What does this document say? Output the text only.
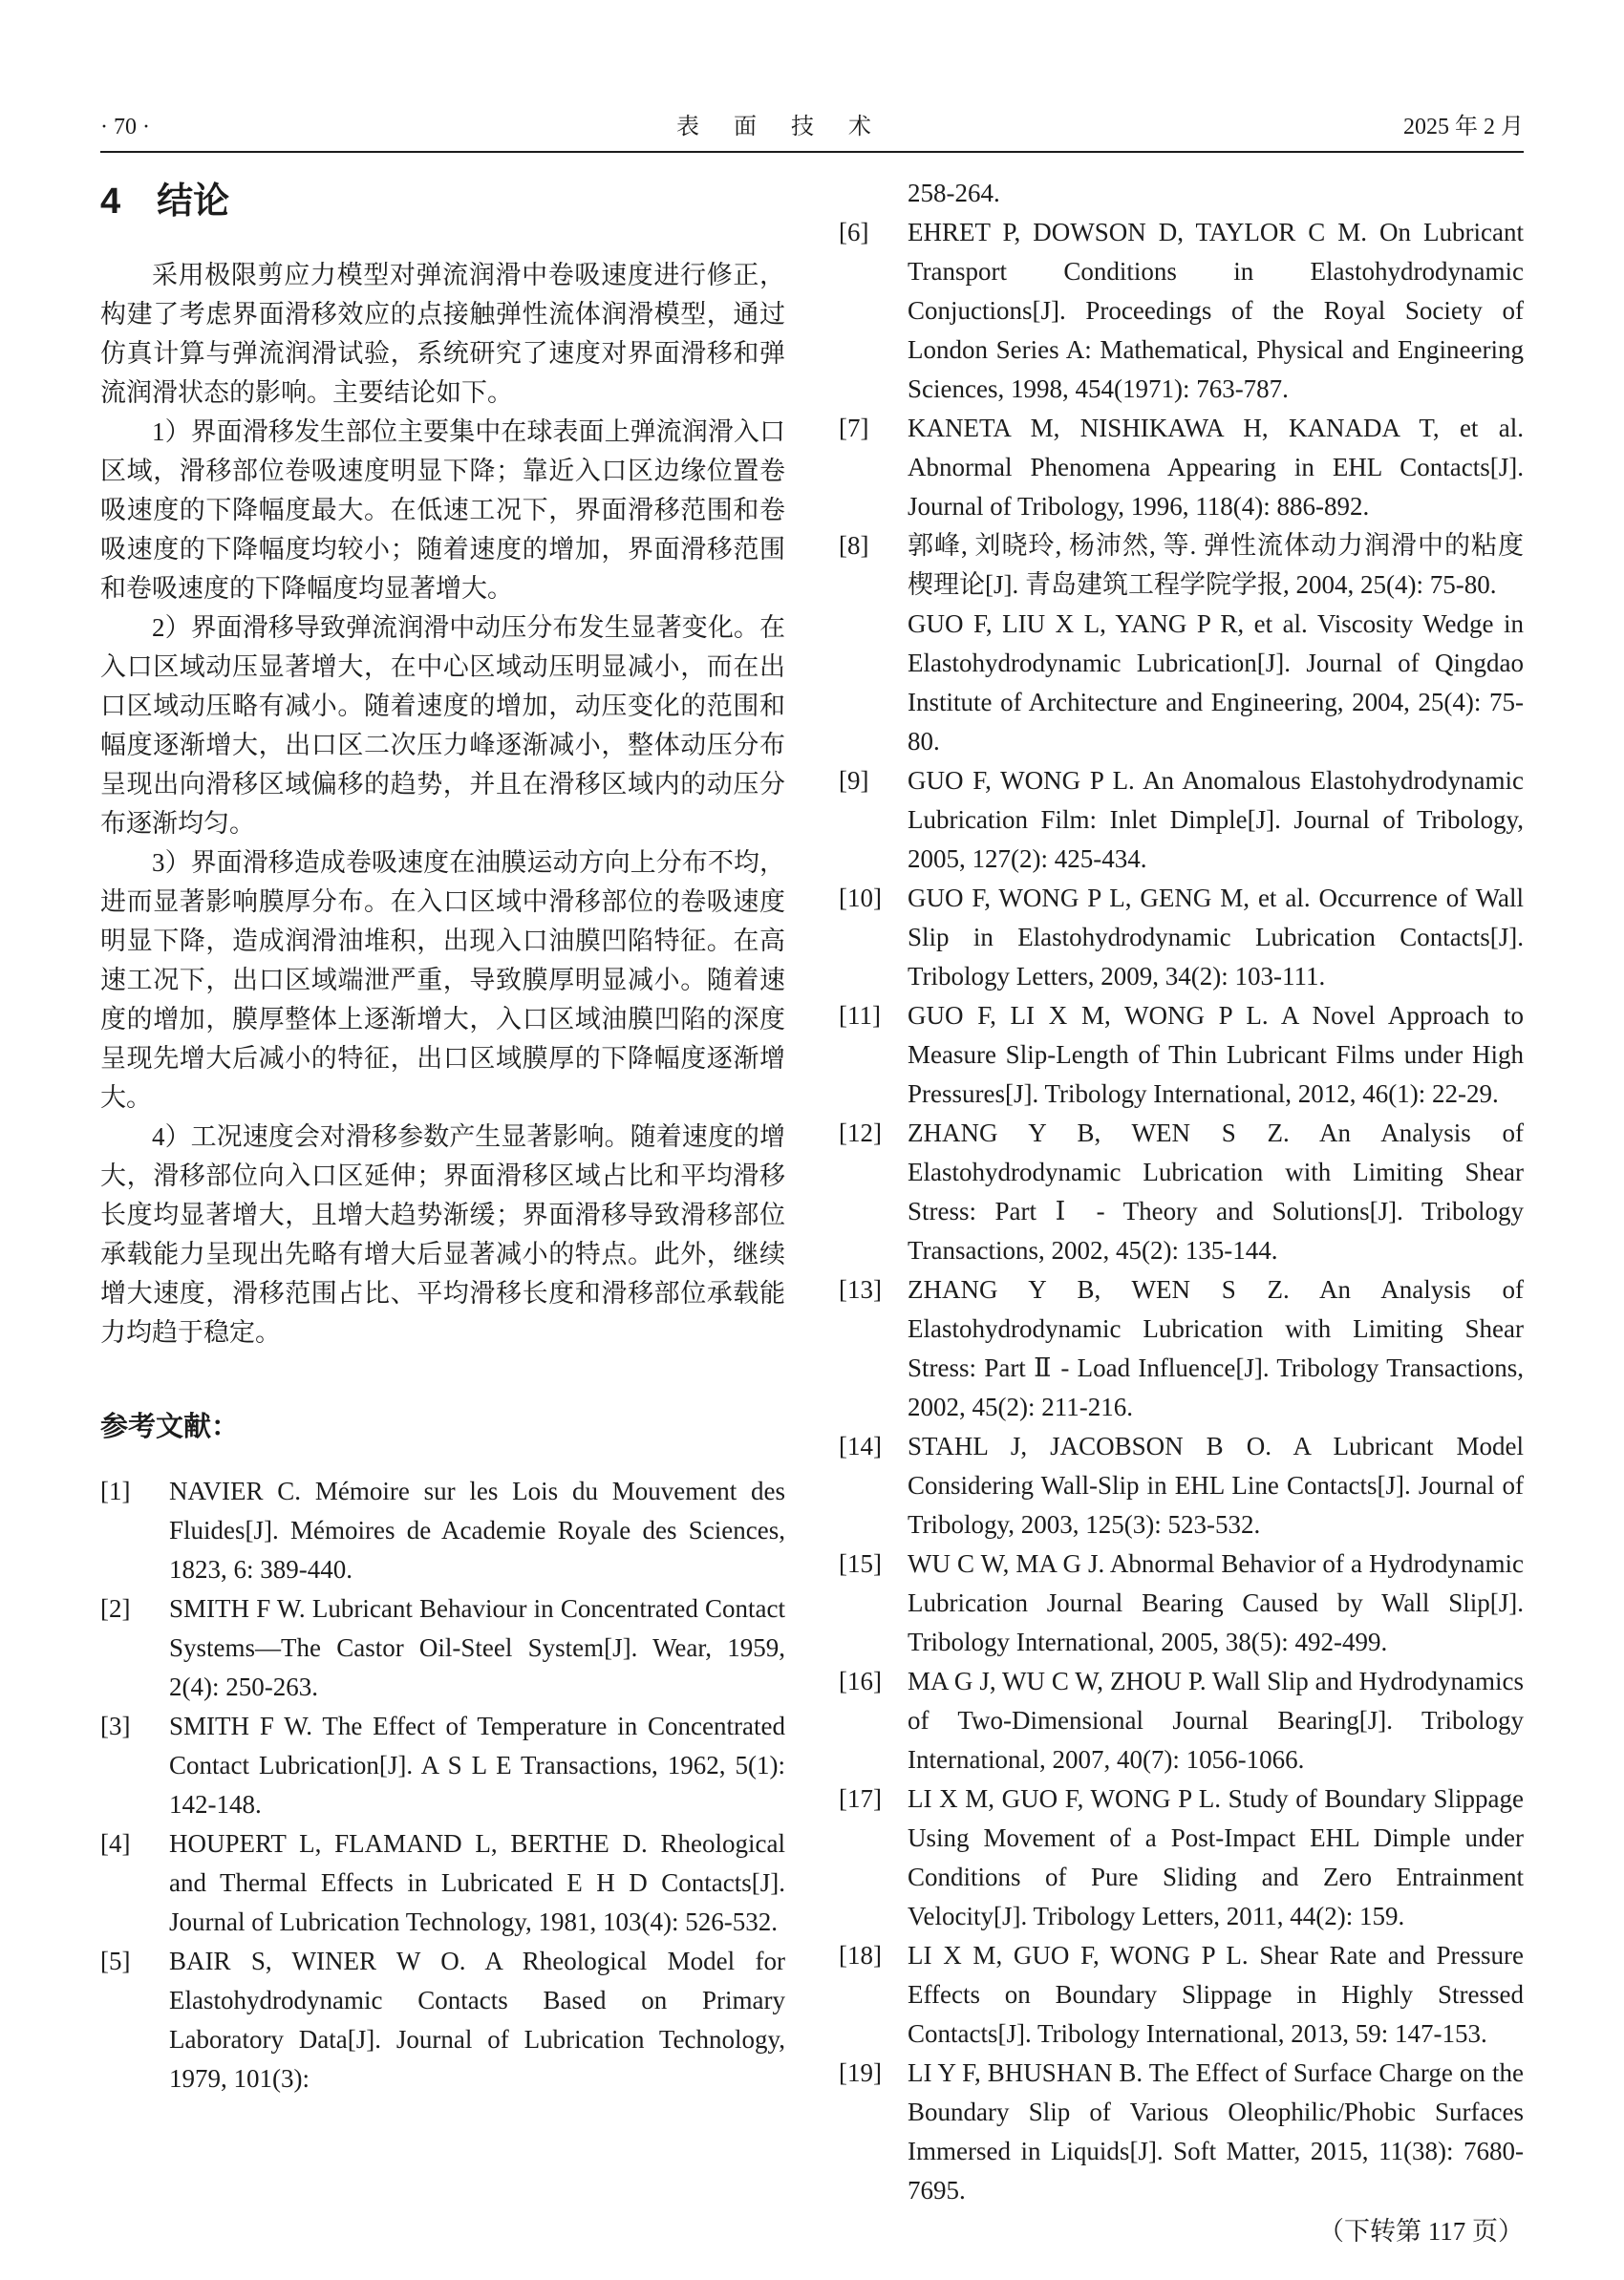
· 70 ·	表　面　技　术	2025 年 2 月
4 结论

采用极限剪应力模型对弹流润滑中卷吸速度进行修正，构建了考虑界面滑移效应的点接触弹性流体润滑模型，通过仿真计算与弹流润滑试验，系统研究了速度对界面滑移和弹流润滑状态的影响。主要结论如下。

1）界面滑移发生部位主要集中在球表面上弹流润滑入口区域，滑移部位卷吸速度明显下降；靠近入口区边缘位置卷吸速度的下降幅度最大。在低速工况下，界面滑移范围和卷吸速度的下降幅度均较小；随着速度的增加，界面滑移范围和卷吸速度的下降幅度均显著增大。

2）界面滑移导致弹流润滑中动压分布发生显著变化。在入口区域动压显著增大，在中心区域动压明显减小，而在出口区域动压略有减小。随着速度的增加，动压变化的范围和幅度逐渐增大，出口区二次压力峰逐渐减小，整体动压分布呈现出向滑移区域偏移的趋势，并且在滑移区域内的动压分布逐渐均匀。

3）界面滑移造成卷吸速度在油膜运动方向上分布不均，进而显著影响膜厚分布。在入口区域中滑移部位的卷吸速度明显下降，造成润滑油堆积，出现入口油膜凹陷特征。在高速工况下，出口区域端泄严重，导致膜厚明显减小。随着速度的增加，膜厚整体上逐渐增大，入口区域油膜凹陷的深度呈现先增大后减小的特征，出口区域膜厚的下降幅度逐渐增大。

4）工况速度会对滑移参数产生显著影响。随着速度的增大，滑移部位向入口区延伸；界面滑移区域占比和平均滑移长度均显著增大，且增大趋势渐缓；界面滑移导致滑移部位承载能力呈现出先略有增大后显著减小的特点。此外，继续增大速度，滑移范围占比、平均滑移长度和滑移部位承载能力均趋于稳定。

参考文献：
[1]	NAVIER C. Mémoire sur les Lois du Mouvement des Fluides[J]. Mémoires de Academie Royale des Sciences, 1823, 6: 389-440.
[2]	SMITH F W. Lubricant Behaviour in Concentrated Contact Systems—The Castor Oil-Steel System[J]. Wear, 1959, 2(4): 250-263.
[3]	SMITH F W. The Effect of Temperature in Concentrated Contact Lubrication[J]. A S L E Transactions, 1962, 5(1): 142-148.
[4]	HOUPERT L, FLAMAND L, BERTHE D. Rheological and Thermal Effects in Lubricated E H D Contacts[J]. Journal of Lubrication Technology, 1981, 103(4): 526-532.
[5]	BAIR S, WINER W O. A Rheological Model for Elastohydrodynamic Contacts Based on Primary Laboratory Data[J]. Journal of Lubrication Technology, 1979, 101(3):
258-264.
[6]	EHRET P, DOWSON D, TAYLOR C M. On Lubricant Transport Conditions in Elastohydrodynamic Conjuctions[J]. Proceedings of the Royal Society of London Series A: Mathematical, Physical and Engineering Sciences, 1998, 454(1971): 763-787.
[7]	KANETA M, NISHIKAWA H, KANADA T, et al. Abnormal Phenomena Appearing in EHL Contacts[J]. Journal of Tribology, 1996, 118(4): 886-892.
[8]	郭峰, 刘晓玲, 杨沛然, 等. 弹性流体动力润滑中的粘度楔理论[J]. 青岛建筑工程学院学报, 2004, 25(4): 75-80.
GUO F, LIU X L, YANG P R, et al. Viscosity Wedge in Elastohydrodynamic Lubrication[J]. Journal of Qingdao Institute of Architecture and Engineering, 2004, 25(4): 75-80.
[9]	GUO F, WONG P L. An Anomalous Elastohydrodynamic Lubrication Film: Inlet Dimple[J]. Journal of Tribology, 2005, 127(2): 425-434.
[10]	GUO F, WONG P L, GENG M, et al. Occurrence of Wall Slip in Elastohydrodynamic Lubrication Contacts[J]. Tribology Letters, 2009, 34(2): 103-111.
[11]	GUO F, LI X M, WONG P L. A Novel Approach to Measure Slip-Length of Thin Lubricant Films under High Pressures[J]. Tribology International, 2012, 46(1): 22-29.
[12]	ZHANG Y B, WEN S Z. An Analysis of Elastohydrodynamic Lubrication with Limiting Shear Stress: Part Ⅰ - Theory and Solutions[J]. Tribology Transactions, 2002, 45(2): 135-144.
[13]	ZHANG Y B, WEN S Z. An Analysis of Elastohydrodynamic Lubrication with Limiting Shear Stress: Part Ⅱ - Load Influence[J]. Tribology Transactions, 2002, 45(2): 211-216.
[14]	STAHL J, JACOBSON B O. A Lubricant Model Considering Wall-Slip in EHL Line Contacts[J]. Journal of Tribology, 2003, 125(3): 523-532.
[15]	WU C W, MA G J. Abnormal Behavior of a Hydrodynamic Lubrication Journal Bearing Caused by Wall Slip[J]. Tribology International, 2005, 38(5): 492-499.
[16]	MA G J, WU C W, ZHOU P. Wall Slip and Hydrodynamics of Two-Dimensional Journal Bearing[J]. Tribology International, 2007, 40(7): 1056-1066.
[17]	LI X M, GUO F, WONG P L. Study of Boundary Slippage Using Movement of a Post-Impact EHL Dimple under Conditions of Pure Sliding and Zero Entrainment Velocity[J]. Tribology Letters, 2011, 44(2): 159.
[18]	LI X M, GUO F, WONG P L. Shear Rate and Pressure Effects on Boundary Slippage in Highly Stressed Contacts[J]. Tribology International, 2013, 59: 147-153.
[19]	LI Y F, BHUSHAN B. The Effect of Surface Charge on the Boundary Slip of Various Oleophilic/Phobic Surfaces Immersed in Liquids[J]. Soft Matter, 2015, 11(38): 7680-7695.
（下转第 117 页）
